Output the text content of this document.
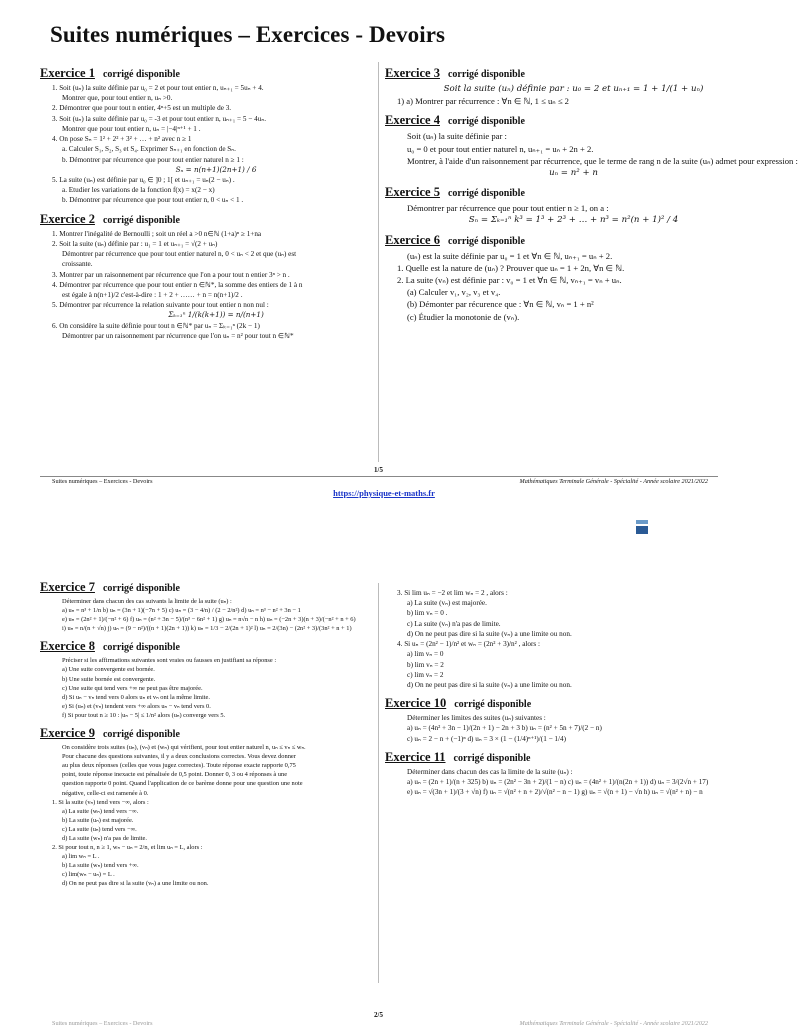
Suites numériques – Exercices - Devoirs
Exercice 1 corrigé disponible
1. Soit (uₙ) la suite définie par u₀ = 2 et pour tout entier n, uₙ₊₁ = 5uₙ + 4.
Montrer que, pour tout entier n, uₙ >0.
2. Démontrer que pour tout n entier, 4ⁿ+5 est un multiple de 3.
3. Soit (uₙ) la suite définie par u₀ = -3 et pour tout entier n, uₙ₊₁ = 5 − 4uₙ.
Montrer que pour tout entier n, uₙ = |−4|ⁿ⁺¹ + 1 .
4. On pose Sₙ = 1² + 2² + 3² + … + n² avec n ≥ 1
a. Calculer S₁, S₂, S₃ et S₄. Exprimer Sₙ₊₁ en fonction de Sₙ.
b. Démontrer par récurrence que pour tout entier naturel n ≥ 1 :
Sₙ = n(n+1)(2n+1) / 6
5. La suite (uₙ) est définie par u₀ ∈ ]0 ; 1[ et uₙ₊₁ = uₙ(2 − uₙ) .
a. Etudier les variations de la fonction f(x) = x(2 − x)
b. Démontrer par récurrence que pour tout entier n, 0 < uₙ < 1 .
Exercice 2 corrigé disponible
1. Montrer l'inégalité de Bernoulli ; soit un réel a >0 n∈ℕ (1+a)ⁿ ≥ 1+na
2. Soit la suite (uₙ) définie par : u₁ = 1 et uₙ₊₁ = √(2 + uₙ)
Démontrer par récurrence que pour tout entier naturel n, 0 < uₙ < 2 et que (uₙ) est
croissante.
3. Montrer par un raisonnement par récurrence que l'on a pour tout n entier 3ⁿ > n .
4. Démontrer par récurrence que pour tout entier n ∈ℕ*, la somme des entiers de 1 à n
est égale à n(n+1)/2 c'est-à-dire : 1 + 2 + …… + n = n(n+1)/2 .
5. Démontrer par récurrence la relation suivante pour tout entier n non nul :
Σₖ₌₁ⁿ 1/(k(k+1)) = n/(n+1)
6. On considère la suite définie pour tout n ∈ℕ* par uₙ = Σₖ₌₁ⁿ (2k − 1)
Démontrer par un raisonnement par récurrence que l'on uₙ = n² pour tout n ∈ℕ*
Exercice 3 corrigé disponible
Soit la suite (uₙ) définie par : u₀ = 2 et uₙ₊₁ = 1 + 1/(1 + uₙ)
1) a) Montrer par récurrence : ∀n ∈ ℕ, 1 ≤ uₙ ≤ 2
Exercice 4 corrigé disponible
Soit (uₙ) la suite définie par :
u₀ = 0 et pour tout entier naturel n, uₙ₊₁ = uₙ + 2n + 2.
Montrer, à l'aide d'un raisonnement par récurrence, que le terme de rang n de la suite (uₙ) admet pour expression :
uₙ = n² + n
Exercice 5 corrigé disponible
Démontrer par récurrence que pour tout entier n ≥ 1, on a :
Sₙ = Σₖ₌₁ⁿ k³ = 1³ + 2³ + … + n³ = n²(n + 1)² / 4
Exercice 6 corrigé disponible
(uₙ) est la suite définie par u₀ = 1 et ∀n ∈ ℕ, uₙ₊₁ = uₙ + 2.
1. Quelle est la nature de (uₙ) ? Prouver que uₙ = 1 + 2n, ∀n ∈ ℕ.
2. La suite (vₙ) est définie par : v₀ = 1 et ∀n ∈ ℕ, vₙ₊₁ = vₙ + uₙ.
(a) Calculer v₁, v₂, v₃ et v₄.
(b) Démonter par récurence que : ∀n ∈ ℕ, vₙ = 1 + n²
(c) Étudier la monotonie de (vₙ).
1/5
Suites numériques – Exercices - Devoirs	Mathématiques Terminale Générale - Spécialité - Année scolaire 2021/2022
https://physique-et-maths.fr
Exercice 7 corrigé disponible
Déterminer dans chacun des cas suivants la limite de la suite (uₙ) :
a) uₙ = n³ + 1/n b) uₙ = (3n + 1)(−7n + 5) c) uₙ = (3 − 4/n) / (2 − 2/n²) d) uₙ = n³ − n² + 3n − 1
e) uₙ = (2n² + 1)/(−n² + 6) f) uₙ = (n² + 3n − 5)/(n³ − 6n² + 1) g) uₙ = n√n − n h) uₙ = (−2n + 3)(n + 3)/(−n² + n + 6)
i) uₙ = n/(n + √n) j) uₙ = (9 − n²)/((n + 1)(2n + 1)) k) uₙ = 1/3 − 2/(2n + 1)² l) uₙ = 2/(3n) − (2n² + 3)/(3n² + n + 1)
Exercice 8 corrigé disponible
Préciser si les affirmations suivantes sont vraies ou fausses en justifiant sa réponse :
a) Une suite convergente est bornée.
b) Une suite bornée est convergente.
c) Une suite qui tend vers +∞ ne peut pas être majorée.
d) Si uₙ − vₙ tend vers 0 alors uₙ et vₙ ont la même limite.
e) Si (uₙ) et (vₙ) tendent vers +∞ alors uₙ − vₙ tend vers 0.
f) Si pour tout n ≥ 10 : |uₙ − 5| ≤ 1/n² alors (uₙ) converge vers 5.
Exercice 9 corrigé disponible
On considère trois suites (uₙ), (vₙ) et (wₙ) qui vérifient, pour tout entier naturel n, uₙ ≤ vₙ ≤ wₙ.
Pour chacune des questions suivantes, il y a deux conclusions correctes. Vous devez donner
au plus deux réponses (celles que vous jugez correctes). Toute réponse exacte rapporte 0,75
point, toute réponse inexacte est pénalisée de 0,5 point. Donner 0, 3 ou 4 réponses à une
question rapporte 0 point. Quand l'application de ce barème donne pour une question une note
négative, celle-ci est ramenée à 0.
1. Si la suite (vₙ) tend vers −∞, alors :
a) La suite (wₙ) tend vers −∞.
b) La suite (uₙ) est majorée.
c) La suite (uₙ) tend vers −∞.
d) La suite (wₙ) n'a pas de limite.
2. Si pour tout n, n ≥ 1, wₙ − uₙ = 2/n, et lim uₙ = L, alors :
a) lim wₙ = L .
b) La suite (wₙ) tend vers +∞.
c) lim(wₙ − uₙ) = L .
d) On ne peut pas dire si la suite (vₙ) a une limite ou non.
3. Si lim uₙ = −2 et lim wₙ = 2 , alors :
a) La suite (vₙ) est majorée.
b) lim vₙ = 0 .
c) La suite (vₙ) n'a pas de limite.
d) On ne peut pas dire si la suite (vₙ) a une limite ou non.
4. Si uₙ = (2n² − 1)/n² et wₙ = (2n² + 3)/n² , alors :
a) lim vₙ = 0
b) lim vₙ = 2
c) lim vₙ = 2
d) On ne peut pas dire si la suite (vₙ) a une limite ou non.
Exercice 10 corrigé disponible
Déterminer les limites des suites (uₙ) suivantes :
a) uₙ = (4n² + 3n − 1)/(2n + 1) − 2n + 3 b) uₙ = (n² + 5n + 7)/(2 − n)
c) uₙ = 2 − n + (−1)ⁿ d) uₙ = 3 × (1 − (1/4)ⁿ⁺¹)/(1 − 1/4)
Exercice 11 corrigé disponible
Déterminer dans chacun des cas la limite de la suite (uₙ) :
a) uₙ = (2n + 1)/(n + 325) b) uₙ = (2n² − 3n + 2)/(1 − n) c) uₙ = (4n² + 1)/(n(2n + 1)) d) uₙ = 3/(2√n + 17)
e) uₙ = √(3n + 1)/(3 + √n) f) uₙ = √(n² + n + 2)/√(n² − n − 1) g) uₙ = √(n + 1) − √n h) uₙ = √(n² + n) − n
2/5
Suites numériques – Exercices - Devoirs	Mathématiques Terminale Générale - Spécialité - Année scolaire 2021/2022
